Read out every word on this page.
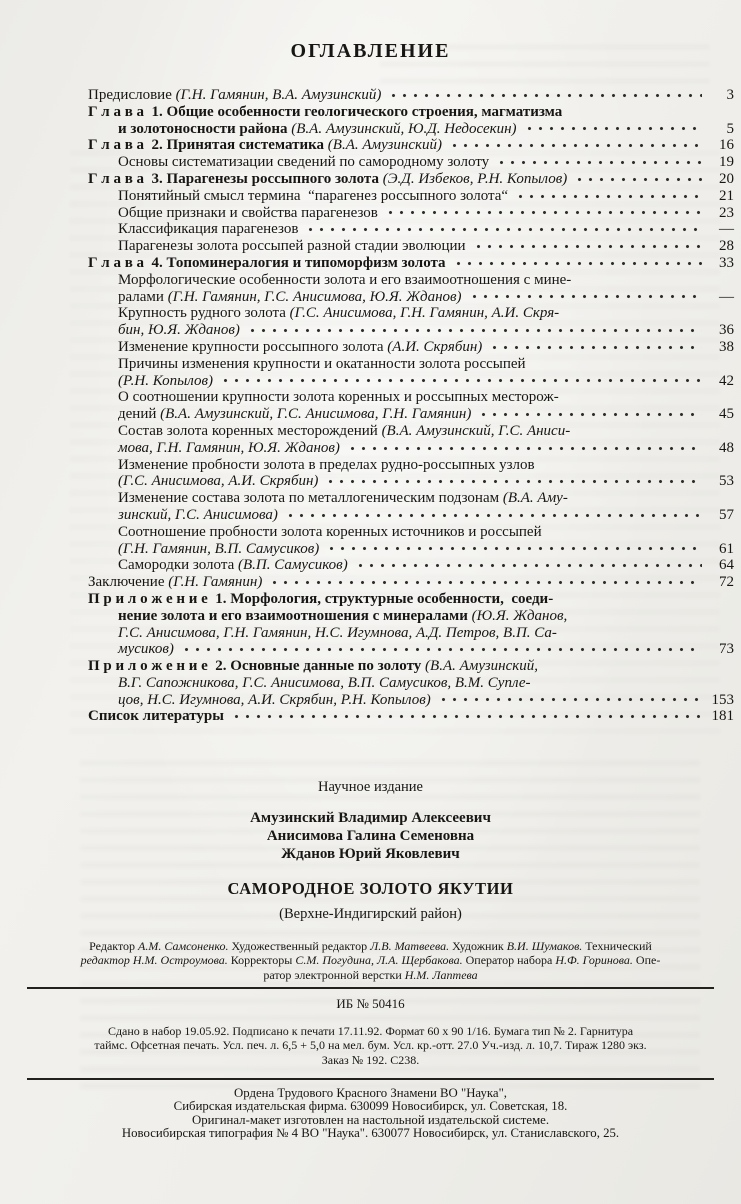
ОГЛАВЛЕНИЕ
Предисловие (Г.Н. Гамянин, В.А. Амузинский)	3
Г л а в а  1. Общие особенности геологического строения, магматизма
и золотоносности района (В.А. Амузинский, Ю.Д. Недосекин)	5
Г л а в а  2. Принятая систематика (В.А. Амузинский)	16
Основы систематизации сведений по самородному золоту	19
Г л а в а  3. Парагенезы россыпного золота (Э.Д. Избеков, Р.Н. Копылов)	20
Понятийный смысл термина  “парагенез россыпного золота“	21
Общие признаки и свойства парагенезов	23
Классификация парагенезов	—
Парагенезы золота россыпей разной стадии эволюции	28
Г л а в а  4. Топоминералогия и типоморфизм золота	33
Морфологические особенности золота и его взаимоотношения с мине-
ралами (Г.Н. Гамянин, Г.С. Анисимова, Ю.Я. Жданов)	—
Крупность рудного золота (Г.С. Анисимова, Г.Н. Гамянин, А.И. Скря-
бин, Ю.Я. Жданов)	36
Изменение крупности россыпного золота (А.И. Скрябин)	38
Причины изменения крупности и окатанности золота россыпей
(Р.Н. Копылов)	42
О соотношении крупности золота коренных и россыпных месторож-
дений (В.А. Амузинский, Г.С. Анисимова, Г.Н. Гамянин)	45
Состав золота коренных месторождений (В.А. Амузинский, Г.С. Аниси-
мова, Г.Н. Гамянин, Ю.Я. Жданов)	48
Изменение пробности золота в пределах рудно-россыпных узлов
(Г.С. Анисимова, А.И. Скрябин)	53
Изменение состава золота по металлогеническим подзонам (В.А. Аму-
зинский, Г.С. Анисимова)	57
Соотношение пробности золота коренных источников и россыпей
(Г.Н. Гамянин, В.П. Самусиков)	61
Самородки золота (В.П. Самусиков)	64
Заключение (Г.Н. Гамянин)	72
П р и л о ж е н и е  1. Морфология, структурные особенности,  соеди-
нение золота и его взаимоотношения с минералами (Ю.Я. Жданов,
Г.С. Анисимова, Г.Н. Гамянин, Н.С. Игумнова, А.Д. Петров, В.П. Са-
мусиков)	73
П р и л о ж е н и е  2. Основные данные по золоту (В.А. Амузинский,
В.Г. Сапожникова, Г.С. Анисимова, В.П. Самусиков, В.М. Супле-
цов, Н.С. Игумнова, А.И. Скрябин, Р.Н. Копылов)	153
Список литературы	181
Научное издание
Амузинский Владимир Алексеевич
Анисимова Галина Семеновна
Жданов Юрий Яковлевич
САМОРОДНОЕ ЗОЛОТО ЯКУТИИ
(Верхне-Индигирский район)
Редактор А.М. Самсоненко. Художественный редактор Л.В. Матвеева. Художник В.И. Шумаков. Технический
редактор Н.М. Остроумова. Корректоры С.М. Погудина, Л.А. Щербакова. Оператор набора Н.Ф. Горинова. Опе-
ратор электронной верстки Н.М. Лаптева
ИБ № 50416
Сдано в набор 19.05.92. Подписано к печати 17.11.92. Формат 60 х 90 1/16. Бумага тип № 2. Гарнитура
таймс. Офсетная печать. Усл. печ. л. 6,5 + 5,0 на мел. бум. Усл. кр.-отт. 27.0 Уч.-изд. л. 10,7. Тираж 1280 экз.
Заказ № 192. С238.
Ордена Трудового Красного Знамени ВО "Наука",
Сибирская издательская фирма. 630099 Новосибирск, ул. Советская, 18.
Оригинал-макет изготовлен на настольной издательской системе.
Новосибирская типография № 4 ВО "Наука". 630077 Новосибирск, ул. Станиславского, 25.
